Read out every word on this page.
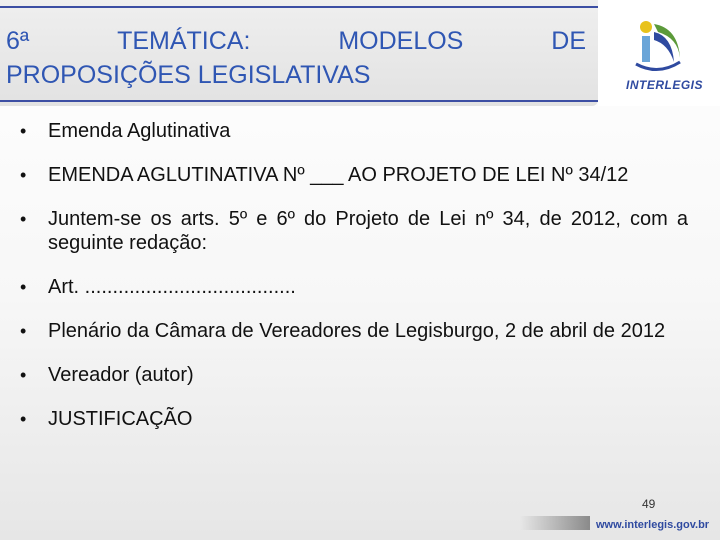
6ª	TEMÁTICA:	MODELOS	DE
PROPOSIÇÕES LEGISLATIVAS	INTERLEGIS
• Emenda Aglutinativa
• EMENDA AGLUTINATIVA Nº ___ AO PROJETO DE LEI Nº 34/12
• Juntem-se os arts. 5º e 6º do Projeto de Lei nº 34, de 2012, com a seguinte redação:
• Art. ......................................
• Plenário da Câmara de Vereadores de Legisburgo, 2 de abril de 2012
• Vereador (autor)
• JUSTIFICAÇÃO
49
www.interlegis.gov.br
